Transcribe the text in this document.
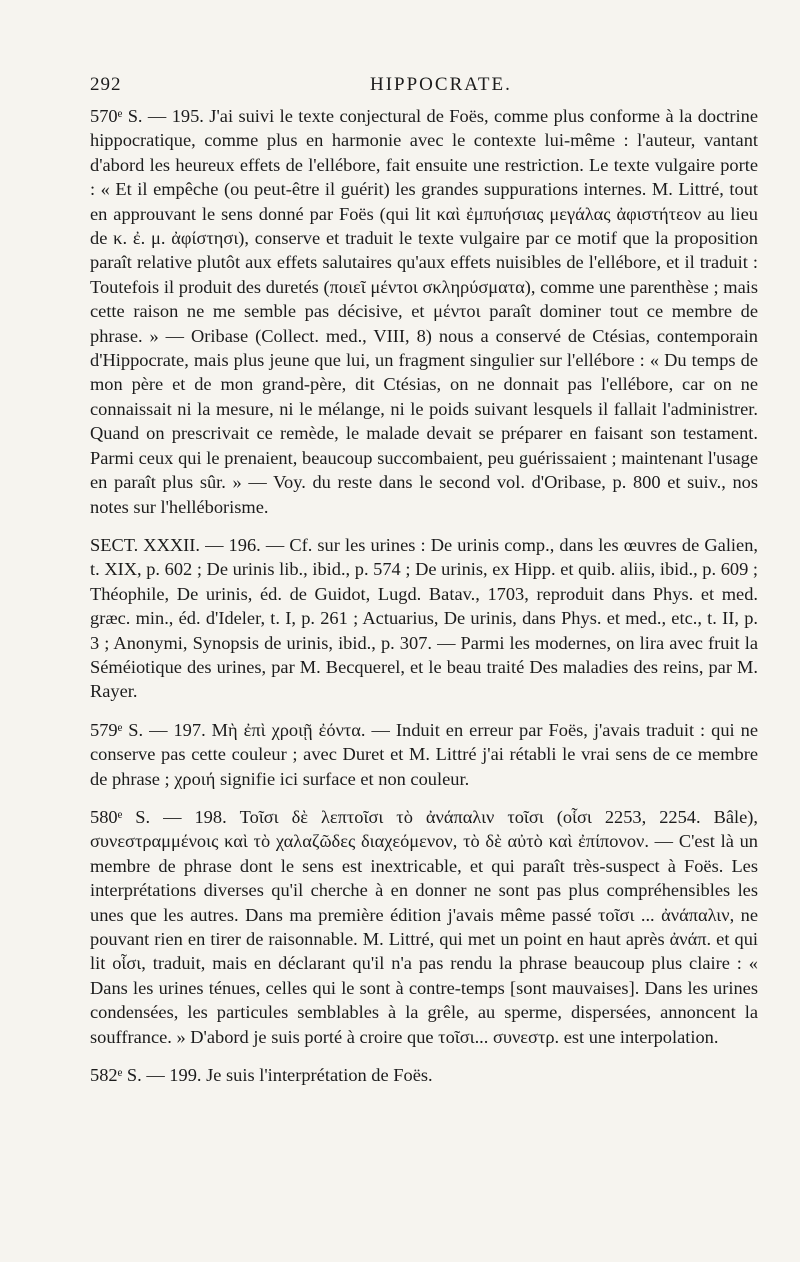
292	HIPPOCRATE.

570ᵉ S. — 195. J'ai suivi le texte conjectural de Foës, comme plus conforme à la doctrine hippocratique, comme plus en harmonie avec le contexte lui-même : l'auteur, vantant d'abord les heureux effets de l'ellébore, fait ensuite une restriction. Le texte vulgaire porte : « Et il empêche (ou peut-être il guérit) les grandes suppurations internes. M. Littré, tout en approuvant le sens donné par Foës (qui lit καὶ ἐμπυήσιας μεγάλας ἀφιστήτεον au lieu de κ. ἐ. μ. ἀφίστησι), conserve et traduit le texte vulgaire par ce motif que la proposition paraît relative plutôt aux effets salutaires qu'aux effets nuisibles de l'ellébore, et il traduit : Toutefois il produit des duretés (ποιεῖ μέντοι σκληρύσματα), comme une parenthèse ; mais cette raison ne me semble pas décisive, et μέντοι paraît dominer tout ce membre de phrase. » — Oribase (Collect. med., VIII, 8) nous a conservé de Ctésias, contemporain d'Hippocrate, mais plus jeune que lui, un fragment singulier sur l'ellébore : « Du temps de mon père et de mon grand-père, dit Ctésias, on ne donnait pas l'ellébore, car on ne connaissait ni la mesure, ni le mélange, ni le poids suivant lesquels il fallait l'administrer. Quand on prescrivait ce remède, le malade devait se préparer en faisant son testament. Parmi ceux qui le prenaient, beaucoup succombaient, peu guérissaient ; maintenant l'usage en paraît plus sûr. » — Voy. du reste dans le second vol. d'Oribase, p. 800 et suiv., nos notes sur l'helléborisme.

SECT. XXXII. — 196. — Cf. sur les urines : De urinis comp., dans les œuvres de Galien, t. XIX, p. 602 ; De urinis lib., ibid., p. 574 ; De urinis, ex Hipp. et quib. aliis, ibid., p. 609 ; Théophile, De urinis, éd. de Guidot, Lugd. Batav., 1703, reproduit dans Phys. et med. græc. min., éd. d'Ideler, t. I, p. 261 ; Actuarius, De urinis, dans Phys. et med., etc., t. II, p. 3 ; Anonymi, Synopsis de urinis, ibid., p. 307. — Parmi les modernes, on lira avec fruit la Séméiotique des urines, par M. Becquerel, et le beau traité Des maladies des reins, par M. Rayer.

579ᵉ S. — 197. Μὴ ἐπὶ χροιῇ ἐόντα. — Induit en erreur par Foës, j'avais traduit : qui ne conserve pas cette couleur ; avec Duret et M. Littré j'ai rétabli le vrai sens de ce membre de phrase ; χροιή signifie ici surface et non couleur.

580ᵉ S. — 198. Τοῖσι δὲ λεπτοῖσι τὸ ἀνάπαλιν τοῖσι (οἷσι 2253, 2254. Bâle), συνεστραμμένοις καὶ τὸ χαλαζῶδες διαχεόμενον, τὸ δὲ αὐτὸ καὶ ἐπίπονον. — C'est là un membre de phrase dont le sens est inextricable, et qui paraît très-suspect à Foës. Les interprétations diverses qu'il cherche à en donner ne sont pas plus compréhensibles les unes que les autres. Dans ma première édition j'avais même passé τοῖσι ... ἀνάπαλιν, ne pouvant rien en tirer de raisonnable. M. Littré, qui met un point en haut après ἀνάπ. et qui lit οἷσι, traduit, mais en déclarant qu'il n'a pas rendu la phrase beaucoup plus claire : « Dans les urines ténues, celles qui le sont à contre-temps [sont mauvaises]. Dans les urines condensées, les particules semblables à la grêle, au sperme, dispersées, annoncent la souffrance. » D'abord je suis porté à croire que τοῖσι... συνεστρ. est une interpolation.

582ᵉ S. — 199. Je suis l'interprétation de Foës.
